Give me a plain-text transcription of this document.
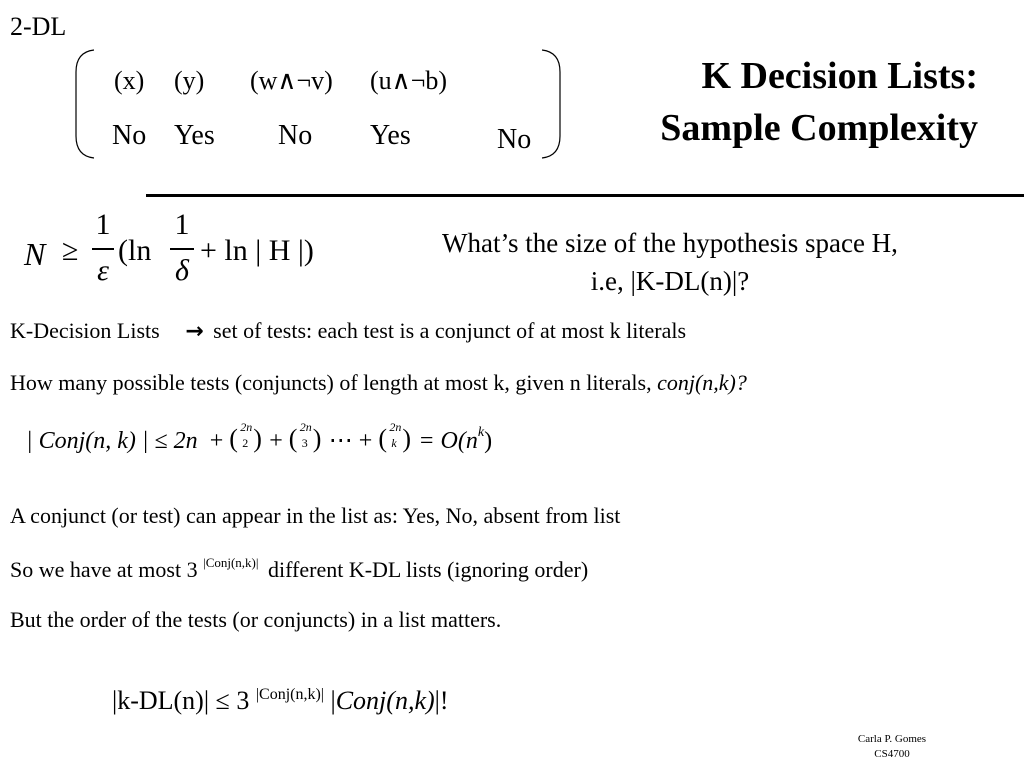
2-DL
(x) (y) (w∧¬v) (u∧¬b)
No Yes No Yes	No
K Decision Lists:
Sample Complexity
N ≥
1
ε
(ln
1
δ
+ ln | H |)	What’s the size of the hypothesis space H,
i.e, |K-DL(n)|?
K-Decision Lists → set of tests: each test is a conjunct of at most k literals
How many possible tests (conjuncts) of length at most k, given n literals, conj(n,k)?
| Conj(n, k) | ≤ 2n + ( 2n
2 ) + ( 2n
3 ) ⋯ + ( 2n
k ) = $O(n^k)$
A conjunct (or test) can appear in the list as: Yes, No, absent from list
So we have at most 3 $^{|Conj(n,k)|}$ different K-DL lists (ignoring order)
But the order of the tests (or conjuncts) in a list matters.
|k-DL(n)| ≤ 3 $^{|Conj(n,k)|}$ |Conj(n,k)|!
Carla P. Gomes
CS4700
